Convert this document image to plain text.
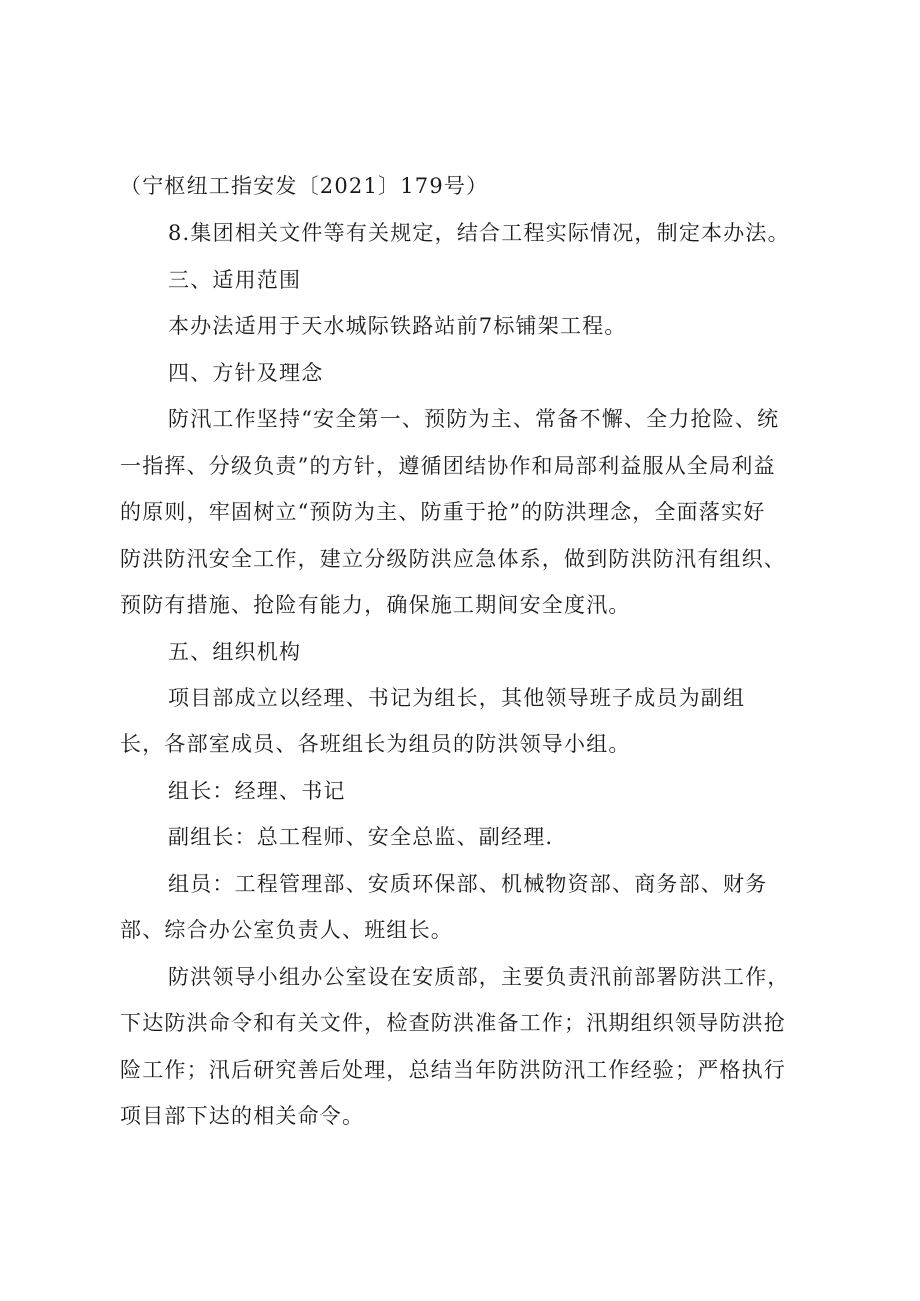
（宁枢纽工指安发〔2021〕179号）
8.集团相关文件等有关规定，结合工程实际情况，制定本办法。
三、适用范围
本办法适用于天水城际铁路站前7标铺架工程。
四、方针及理念
防汛工作坚持“安全第一、预防为主、常备不懈、全力抢险、统
一指挥、分级负责”的方针，遵循团结协作和局部利益服从全局利益
的原则，牢固树立“预防为主、防重于抢”的防洪理念，全面落实好
防洪防汛安全工作，建立分级防洪应急体系，做到防洪防汛有组织、
预防有措施、抢险有能力，确保施工期间安全度汛。
五、组织机构
项目部成立以经理、书记为组长，其他领导班子成员为副组
长，各部室成员、各班组长为组员的防洪领导小组。
组长：经理、书记
副组长：总工程师、安全总监、副经理.
组员：工程管理部、安质环保部、机械物资部、商务部、财务
部、综合办公室负责人、班组长。
防洪领导小组办公室设在安质部，主要负责汛前部署防洪工作，
下达防洪命令和有关文件，检查防洪准备工作；汛期组织领导防洪抢
险工作；汛后研究善后处理，总结当年防洪防汛工作经验；严格执行
项目部下达的相关命令。
